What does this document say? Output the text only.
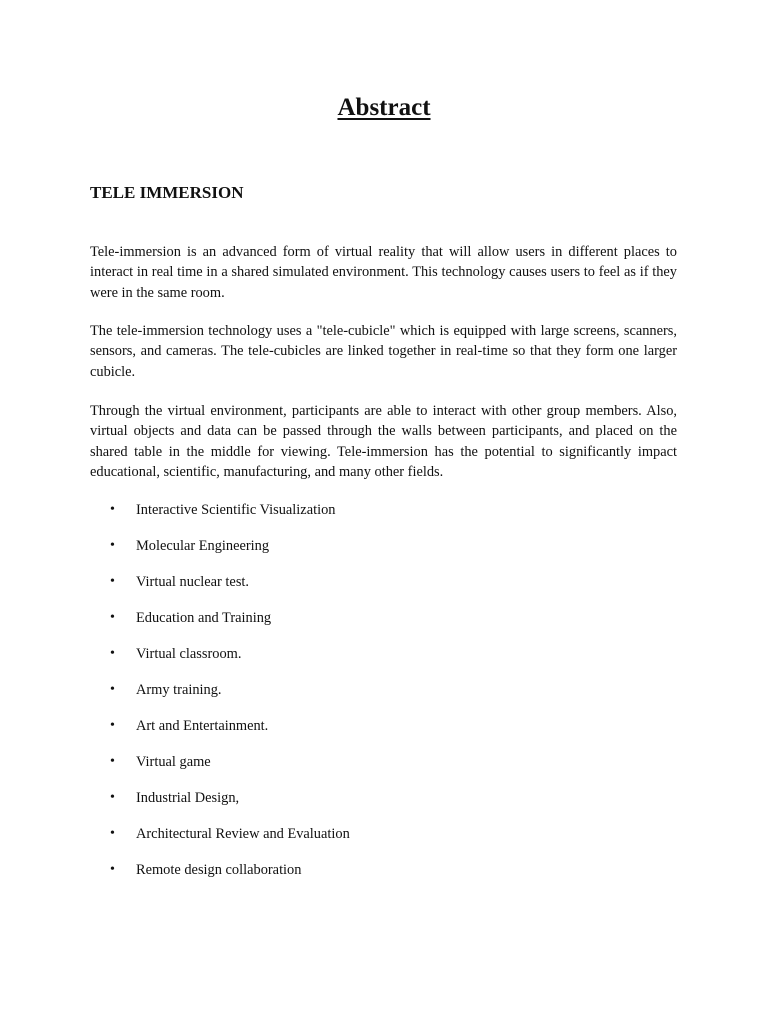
Abstract
TELE IMMERSION

Tele-immersion is an advanced form of virtual reality that will allow users in different places to interact in real time in a shared simulated environment. This technology causes users to feel as if they were in the same room.

The tele-immersion technology uses a "tele-cubicle" which is equipped with large screens, scanners, sensors, and cameras. The tele-cubicles are linked together in real-time so that they form one larger cubicle.

Through the virtual environment, participants are able to interact with other group members. Also, virtual objects and data can be passed through the walls between participants, and placed on the shared table in the middle for viewing. Tele-immersion has the potential to significantly impact educational, scientific, manufacturing, and many other fields.

• Interactive Scientific Visualization
• Molecular Engineering
• Virtual nuclear test.
• Education and Training
• Virtual classroom.
• Army training.
• Art and Entertainment.
• Virtual game
• Industrial Design,
• Architectural Review and Evaluation
• Remote design collaboration
